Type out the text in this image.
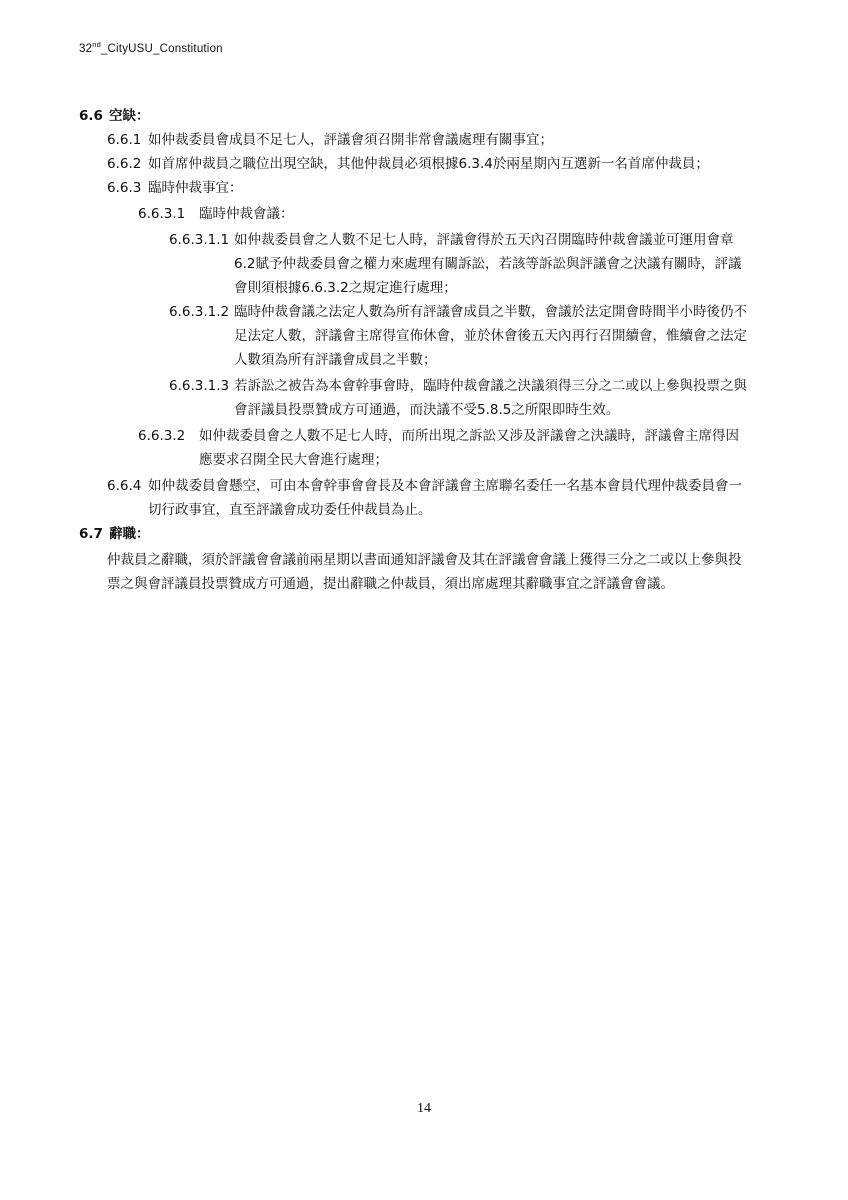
32nd_CityUSU_Constitution
6.6 空缺：
6.6.1 如仲裁委員會成員不足七人，評議會須召開非常會議處理有關事宜；
6.6.2 如首席仲裁員之職位出現空缺，其他仲裁員必須根據6.3.4於兩星期內互選新一名首席仲裁員；
6.6.3 臨時仲裁事宜：
6.6.3.1 臨時仲裁會議：
6.6.3.1.1 如仲裁委員會之人數不足七人時，評議會得於五天內召開臨時仲裁會議並可運用會章
6.2賦予仲裁委員會之權力來處理有關訴訟，若該等訴訟與評議會之決議有關時，評議
會則須根據6.6.3.2之規定進行處理；
6.6.3.1.2 臨時仲裁會議之法定人數為所有評議會成員之半數，會議於法定開會時間半小時後仍不
足法定人數，評議會主席得宣佈休會，並於休會後五天內再行召開續會，惟續會之法定
人數須為所有評議會成員之半數；
6.6.3.1.3 若訴訟之被告為本會幹事會時，臨時仲裁會議之決議須得三分之二或以上參與投票之與
會評議員投票贊成方可通過，而決議不受5.8.5之所限即時生效。
6.6.3.2 如仲裁委員會之人數不足七人時，而所出現之訴訟又涉及評議會之決議時，評議會主席得因
應要求召開全民大會進行處理；
6.6.4 如仲裁委員會懸空，可由本會幹事會會長及本會評議會主席聯名委任一名基本會員代理仲裁委員會一
切行政事宜，直至評議會成功委任仲裁員為止。
6.7 辭職：
仲裁員之辭職，須於評議會會議前兩星期以書面通知評議會及其在評議會會議上獲得三分之二或以上參與投
票之與會評議員投票贊成方可通過，提出辭職之仲裁員，須出席處理其辭職事宜之評議會會議。
14
